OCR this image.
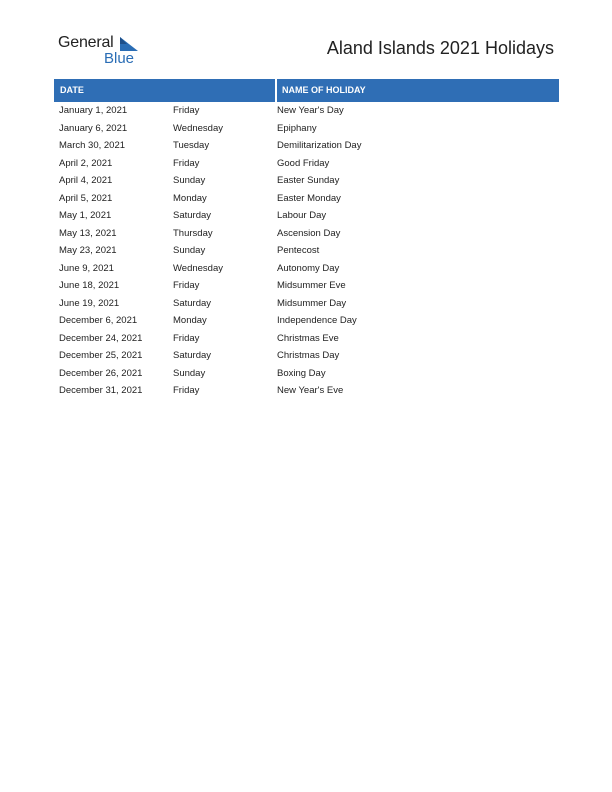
General
Blue
Aland Islands 2021 Holidays
DATE	NAME OF HOLIDAY
January 1, 2021	Friday	New Year's Day
January 6, 2021	Wednesday	Epiphany
March 30, 2021	Tuesday	Demilitarization Day
April 2, 2021	Friday	Good Friday
April 4, 2021	Sunday	Easter Sunday
April 5, 2021	Monday	Easter Monday
May 1, 2021	Saturday	Labour Day
May 13, 2021	Thursday	Ascension Day
May 23, 2021	Sunday	Pentecost
June 9, 2021	Wednesday	Autonomy Day
June 18, 2021	Friday	Midsummer Eve
June 19, 2021	Saturday	Midsummer Day
December 6, 2021	Monday	Independence Day
December 24, 2021	Friday	Christmas Eve
December 25, 2021	Saturday	Christmas Day
December 26, 2021	Sunday	Boxing Day
December 31, 2021	Friday	New Year's Eve
